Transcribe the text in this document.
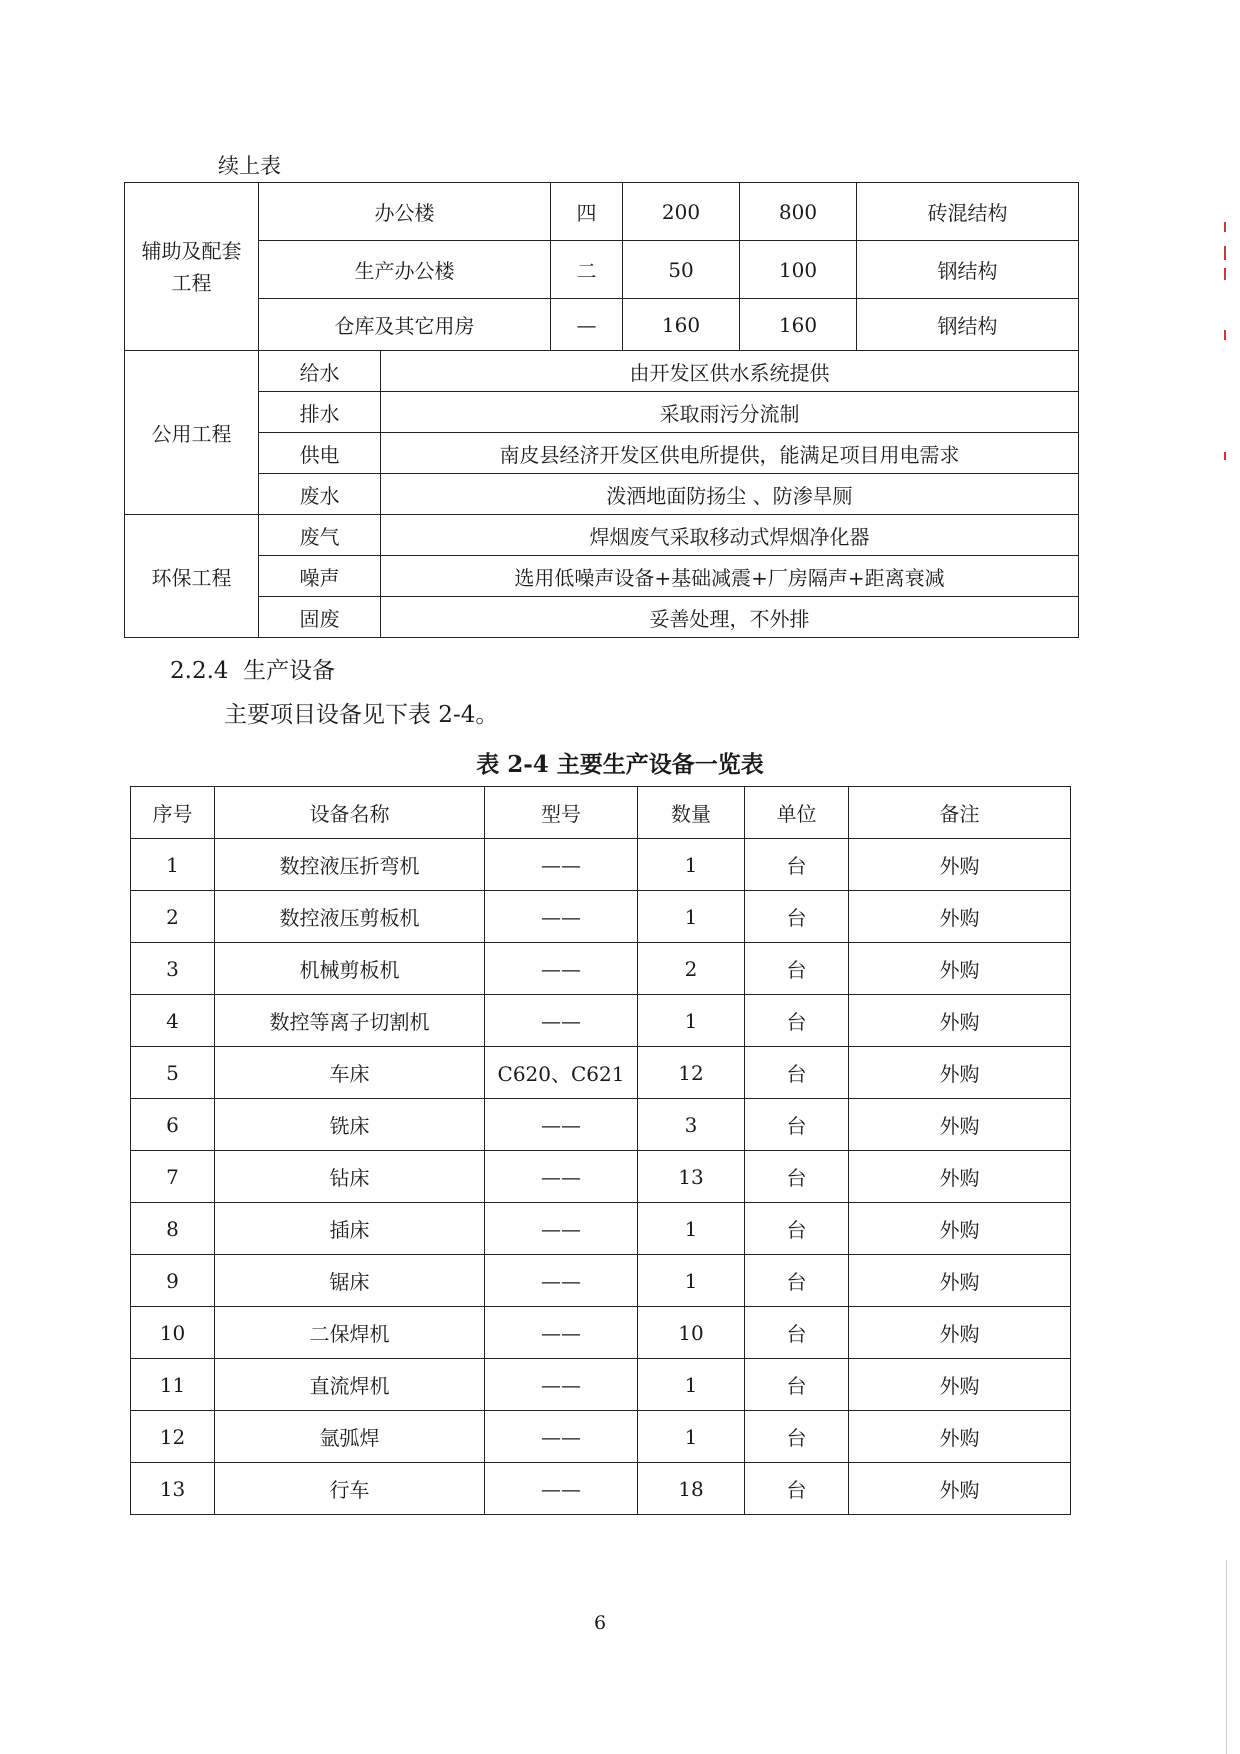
续上表
辅助及配套工程	办公楼		四	200	800	砖混结构
	生产办公楼		二	50	100	钢结构
	仓库及其它用房		—	160	160	钢结构
公用工程	给水	由开发区供水系统提供				
	排水	采取雨污分流制				
	供电	南皮县经济开发区供电所提供，能满足项目用电需求				
	废水	泼洒地面防扬尘 、防渗旱厕				
环保工程	废气	焊烟废气采取移动式焊烟净化器				
	噪声	选用低噪声设备+基础减震+厂房隔声+距离衰减				
	固废	妥善处理，不外排				
2.2.4  生产设备
主要项目设备见下表 2-4。
表 2-4 主要生产设备一览表
序号	设备名称	型号	数量	单位	备注
1	数控液压折弯机	——	1	台	外购
2	数控液压剪板机	——	1	台	外购
3	机械剪板机	——	2	台	外购
4	数控等离子切割机	——	1	台	外购
5	车床	C620、C621	12	台	外购
6	铣床	——	3	台	外购
7	钻床	——	13	台	外购
8	插床	——	1	台	外购
9	锯床	——	1	台	外购
10	二保焊机	——	10	台	外购
11	直流焊机	——	1	台	外购
12	氩弧焊	——	1	台	外购
13	行车	——	18	台	外购
6
